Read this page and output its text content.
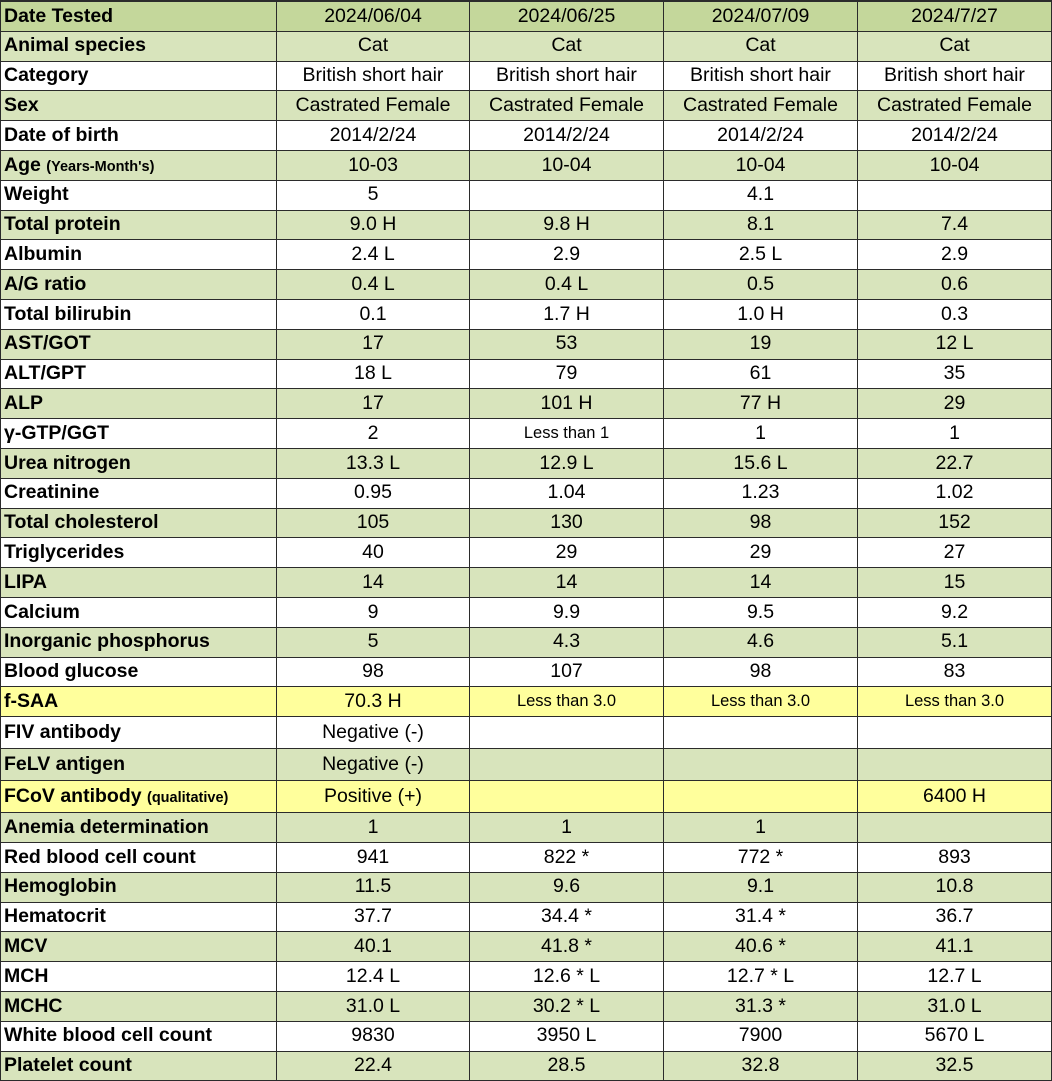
Date Tested	2024/06/04	2024/06/25	2024/07/09	2024/7/27
Animal species	Cat	Cat	Cat	Cat
Category	British short hair	British short hair	British short hair	British short hair
Sex	Castrated Female	Castrated Female	Castrated Female	Castrated Female
Date of birth	2014/2/24	2014/2/24	2014/2/24	2014/2/24
Age (Years-Month's)	10-03	10-04	10-04	10-04
Weight	5		4.1	
Total protein	9.0 H	9.8 H	8.1	7.4
Albumin	2.4 L	2.9	2.5 L	2.9
A/G ratio	0.4 L	0.4 L	0.5	0.6
Total bilirubin	0.1	1.7 H	1.0 H	0.3
AST/GOT	17	53	19	12 L
ALT/GPT	18 L	79	61	35
ALP	17	101 H	77 H	29
γ-GTP/GGT	2	Less than 1	1	1
Urea nitrogen	13.3 L	12.9 L	15.6 L	22.7
Creatinine	0.95	1.04	1.23	1.02
Total cholesterol	105	130	98	152
Triglycerides	40	29	29	27
LIPA	14	14	14	15
Calcium	9	9.9	9.5	9.2
Inorganic phosphorus	5	4.3	4.6	5.1
Blood glucose	98	107	98	83
f-SAA	70.3 H	Less than 3.0	Less than 3.0	Less than 3.0
FIV antibody	Negative (-)			
FeLV antigen	Negative (-)			
FCoV antibody (qualitative)	Positive (+)			6400 H
Anemia determination	1	1	1	
Red blood cell count	941	822 *	772 *	893
Hemoglobin	11.5	9.6	9.1	10.8
Hematocrit	37.7	34.4 *	31.4 *	36.7
MCV	40.1	41.8 *	40.6 *	41.1
MCH	12.4 L	12.6 * L	12.7 * L	12.7 L
MCHC	31.0 L	30.2 * L	31.3 *	31.0 L
White blood cell count	9830	3950 L	7900	5670 L
Platelet count	22.4	28.5	32.8	32.5
